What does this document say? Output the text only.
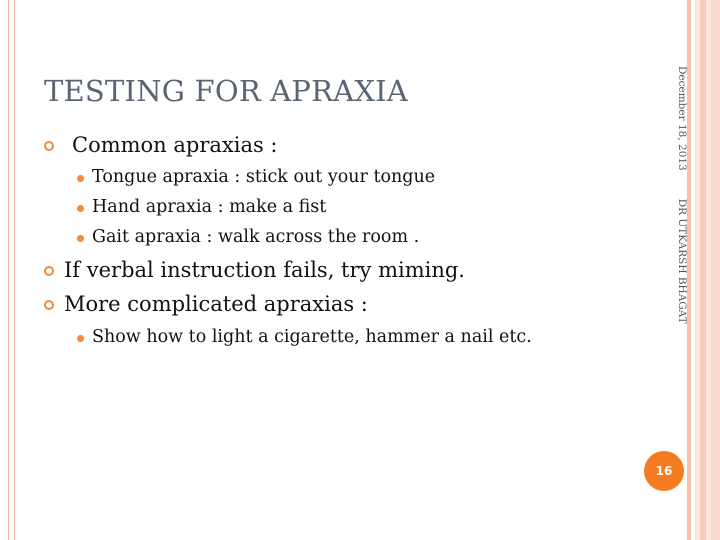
TESTING FOR APRAXIA	December 18, 2013DR UTKARSH BHAGAT
Common apraxias :
Tongue apraxia : stick out your tongue
Hand apraxia : make a fist
Gait apraxia : walk across the room .
If verbal instruction fails, try miming.
More complicated apraxias :
Show how to light a cigarette, hammer a nail etc.
16
